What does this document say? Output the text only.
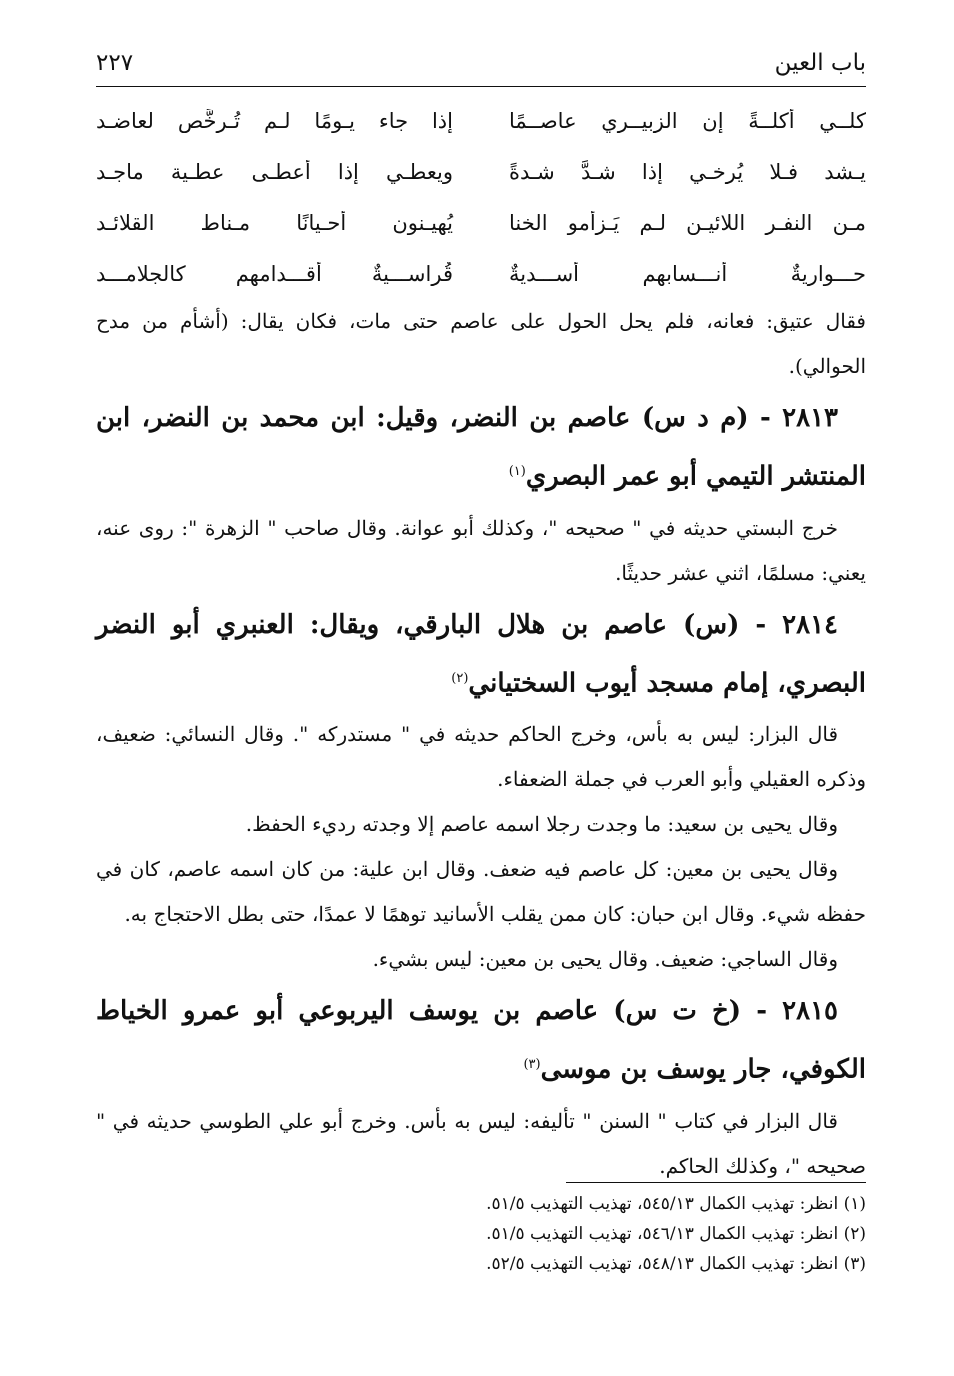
باب العين
٢٢٧
كلــي أكلــةً إن الزبيــري عاصــمًا
إذا جاء يـومًا لـم تُـرخَّص لعاضـد
يـشد فـلا يُرخـي إذا شـدَّ شـدةً
ويعطـي إذا أعطـى عطـية ماجـد
مـن النفـر اللائيـن لـم يَـزأمو الخنا
يُهيـنون أحـيانًا مـناط القلائـد
حـــواريةٌ أنـــسابهم أســـديةٌ
قُراســـيةٌ أقـــدامهم كالجلامـــد

فقال عتيق: فعانه، فلم يحل الحول على عاصم حتى مات، فكان يقال: (أشأم من مدح الحوالي).

٢٨١٣ - (م د س) عاصم بن النضر، وقيل: ابن محمد بن النضر، ابن المنتشر التيمي أبو عمر البصري$^{(١)}$

خرج البستي حديثه في " صحيحه "، وكذلك أبو عوانة. وقال صاحب " الزهرة ": روى عنه، يعني: مسلمًا، اثني عشر حديثًا.

٢٨١٤ - (س) عاصم بن هلال البارقي، ويقال: العنبري أبو النضر البصري، إمام مسجد أيوب السختياني$^{(٢)}$

قال البزار: ليس به بأس، وخرج الحاكم حديثه في " مستدركه ". وقال النسائي: ضعيف، وذكره العقيلي وأبو العرب في جملة الضعفاء.

وقال يحيى بن سعيد: ما وجدت رجلا اسمه عاصم إلا وجدته رديء الحفظ.

وقال يحيى بن معين: كل عاصم فيه ضعف. وقال ابن علية: من كان اسمه عاصم، كان في حفظه شيء. وقال ابن حبان: كان ممن يقلب الأسانيد توهمًا لا عمدًا، حتى بطل الاحتجاج به.

وقال الساجي: ضعيف. وقال يحيى بن معين: ليس بشيء.

٢٨١٥ - (خ ت س) عاصم بن يوسف اليربوعي أبو عمرو الخياط الكوفي، جار يوسف بن موسى$^{(٣)}$

قال البزار في كتاب " السنن " تأليفه: ليس به بأس. وخرج أبو علي الطوسي حديثه في " صحيحه "، وكذلك الحاكم.

(١) انظر: تهذيب الكمال ٥٤٥/١٣، تهذيب التهذيب ٥١/٥.
(٢) انظر: تهذيب الكمال ٥٤٦/١٣، تهذيب التهذيب ٥١/٥.
(٣) انظر: تهذيب الكمال ٥٤٨/١٣، تهذيب التهذيب ٥٢/٥.
